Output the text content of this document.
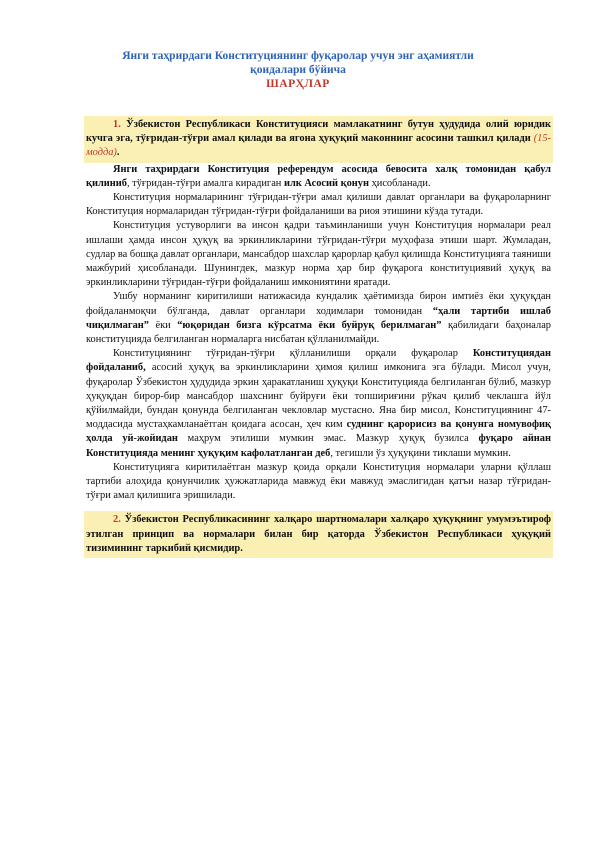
Янги таҳрирдаги Конституциянинг фуқаролар учун энг аҳамиятли
қоидалари бўйича
ШАРҲЛАР

1. Ўзбекистон Республикаси Конституцияси мамлакатнинг бутун ҳудудида олий юридик кучга эга, тўғридан-тўғри амал қилади ва ягона ҳуқуқий маконнинг асосини ташкил қилади (15-модда).

Янги таҳрирдаги Конституция референдум асосида бевосита халқ томонидан қабул қилиниб, тўғридан-тўғри амалга кирадиган илк Асосий қонун ҳисобланади.

Конституция нормаларининг тўғридан-тўғри амал қилиши давлат органлари ва фуқароларнинг Конституция нормаларидан тўғридан-тўғри фойдаланиши ва риоя этишини кўзда тутади.

Конституция устуворлиги ва инсон қадри таъминланиши учун Конституция нормалари реал ишлаши ҳамда инсон ҳуқуқ ва эркинликларини тўғридан-тўғри муҳофаза этиши шарт. Жумладан, судлар ва бошқа давлат органлари, мансабдор шахслар қарорлар қабул қилишда Конституцияга таяниши мажбурий ҳисобланади. Шунингдек, мазкур норма ҳар бир фуқарога конституциявий ҳуқуқ ва эркинликларини тўғридан-тўғри фойдаланиш имкониятини яратади.

Ушбу норманинг киритилиши натижасида кундалик ҳаётимизда бирон имтиёз ёки ҳуқуқдан фойдаланмоқчи бўлганда, давлат органлари ходимлари томонидан “ҳали тартиби ишлаб чиқилмаган” ёки “юқоридан бизга кўрсатма ёки буйруқ берилмаган” қабилидаги баҳоналар конституцияда белгиланган нормаларга нисбатан қўлланилмайди.

Конституциянинг тўғридан-тўғри қўлланилиши орқали фуқаролар Конституциядан фойдаланиб, асосий ҳуқуқ ва эркинликларини ҳимоя қилиш имконига эга бўлади. Мисол учун, фуқаролар Ўзбекистон ҳудудида эркин ҳаракатланиш ҳуқуқи Конституцияда белгиланган бўлиб, мазкур ҳуқуқдан бирор-бир мансабдор шахснинг буйруғи ёки топшириғини рўкач қилиб чеклашга йўл қўйилмайди, бундан қонунда белгиланган чекловлар мустасно. Яна бир мисол, Конституциянинг 47-моддасида мустаҳкамланаётган қоидага асосан, ҳеч ким суднинг қарорисиз ва қонунга номувофиқ ҳолда уй-жойидан маҳрум этилиши мумкин эмас. Мазкур ҳуқуқ бузилса фуқаро айнан Конституцияда менинг ҳуқуқим кафолатланган деб, тегишли ўз ҳуқуқини тиклаши мумкин.

Конституцияга киритилаётган мазкур қоида орқали Конституция нормалари уларни қўллаш тартиби алоҳида қонунчилик ҳужжатларида мавжуд ёки мавжуд эмаслигидан қатъи назар тўғридан-тўғри амал қилишига эришилади.

2. Ўзбекистон Республикасининг халқаро шартномалари халқаро ҳуқуқнинг умумэътироф этилган принцип ва нормалари билан бир қаторда Ўзбекистон Республикаси ҳуқуқий тизимининг таркибий қисмидир.
